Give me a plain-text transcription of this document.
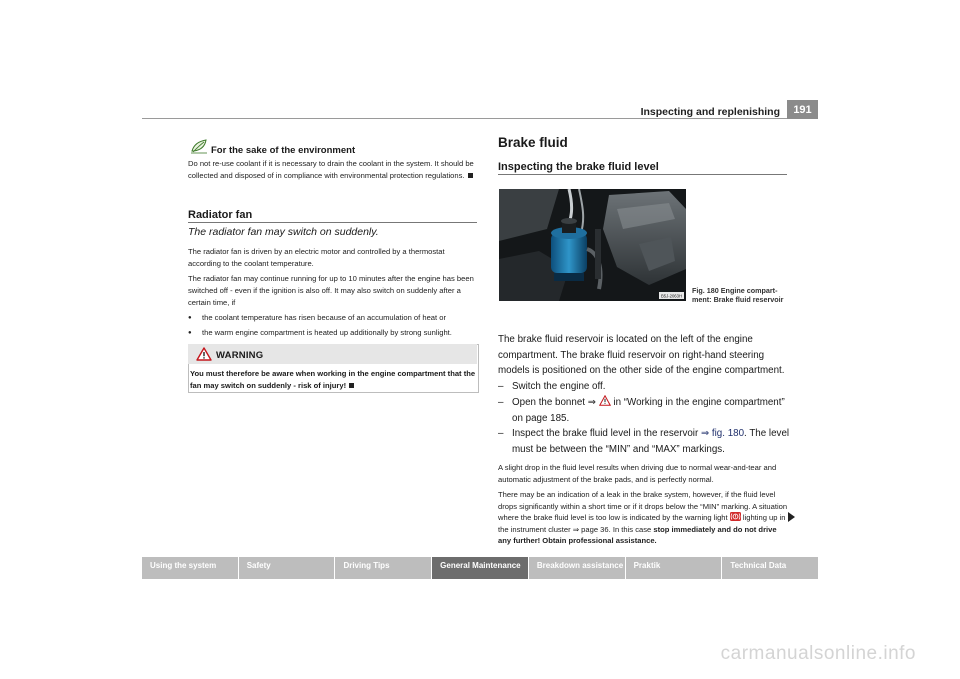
Inspecting and replenishing	191
For the sake of the environment
Do not re-use coolant if it is necessary to drain the coolant in the system. It should be collected and disposed of in compliance with environmental protection regulations.
Radiator fan
The radiator fan may switch on suddenly.

The radiator fan is driven by an electric motor and controlled by a thermostat according to the coolant temperature.

The radiator fan may continue running for up to 10 minutes after the engine has been switched off - even if the ignition is also off. It may also switch on suddenly after a certain time, if

● the coolant temperature has risen because of an accumulation of heat or
● the warm engine compartment is heated up additionally by strong sunlight.
WARNING
You must therefore be aware when working in the engine compartment that the fan may switch on suddenly - risk of injury!
Brake fluid
Inspecting the brake fluid level
B5J-2063H
Fig. 180 Engine compart-
ment: Brake fluid reservoir
The brake fluid reservoir is located on the left of the engine compartment. The brake fluid reservoir on right-hand steering models is positioned on the other side of the engine compartment.
– Switch the engine off.
– Open the bonnet ⇒  in “Working in the engine compartment” on page 185.
– Inspect the brake fluid level in the reservoir ⇒ fig. 180. The level must be between the “MIN” and “MAX” markings.

A slight drop in the fluid level results when driving due to normal wear-and-tear and automatic adjustment of the brake pads, and is perfectly normal.

There may be an indication of a leak in the brake system, however, if the fluid level drops significantly within a short time or if it drops below the “MIN” marking. A situation where the brake fluid level is too low is indicated by the warning light  lighting up in the instrument cluster ⇒ page 36. In this case stop immediately and do not drive any further! Obtain professional assistance.

Using the system	Safety	Driving Tips	General Maintenance	Breakdown assistance	Praktik	Technical Data
carmanualsonline.info
